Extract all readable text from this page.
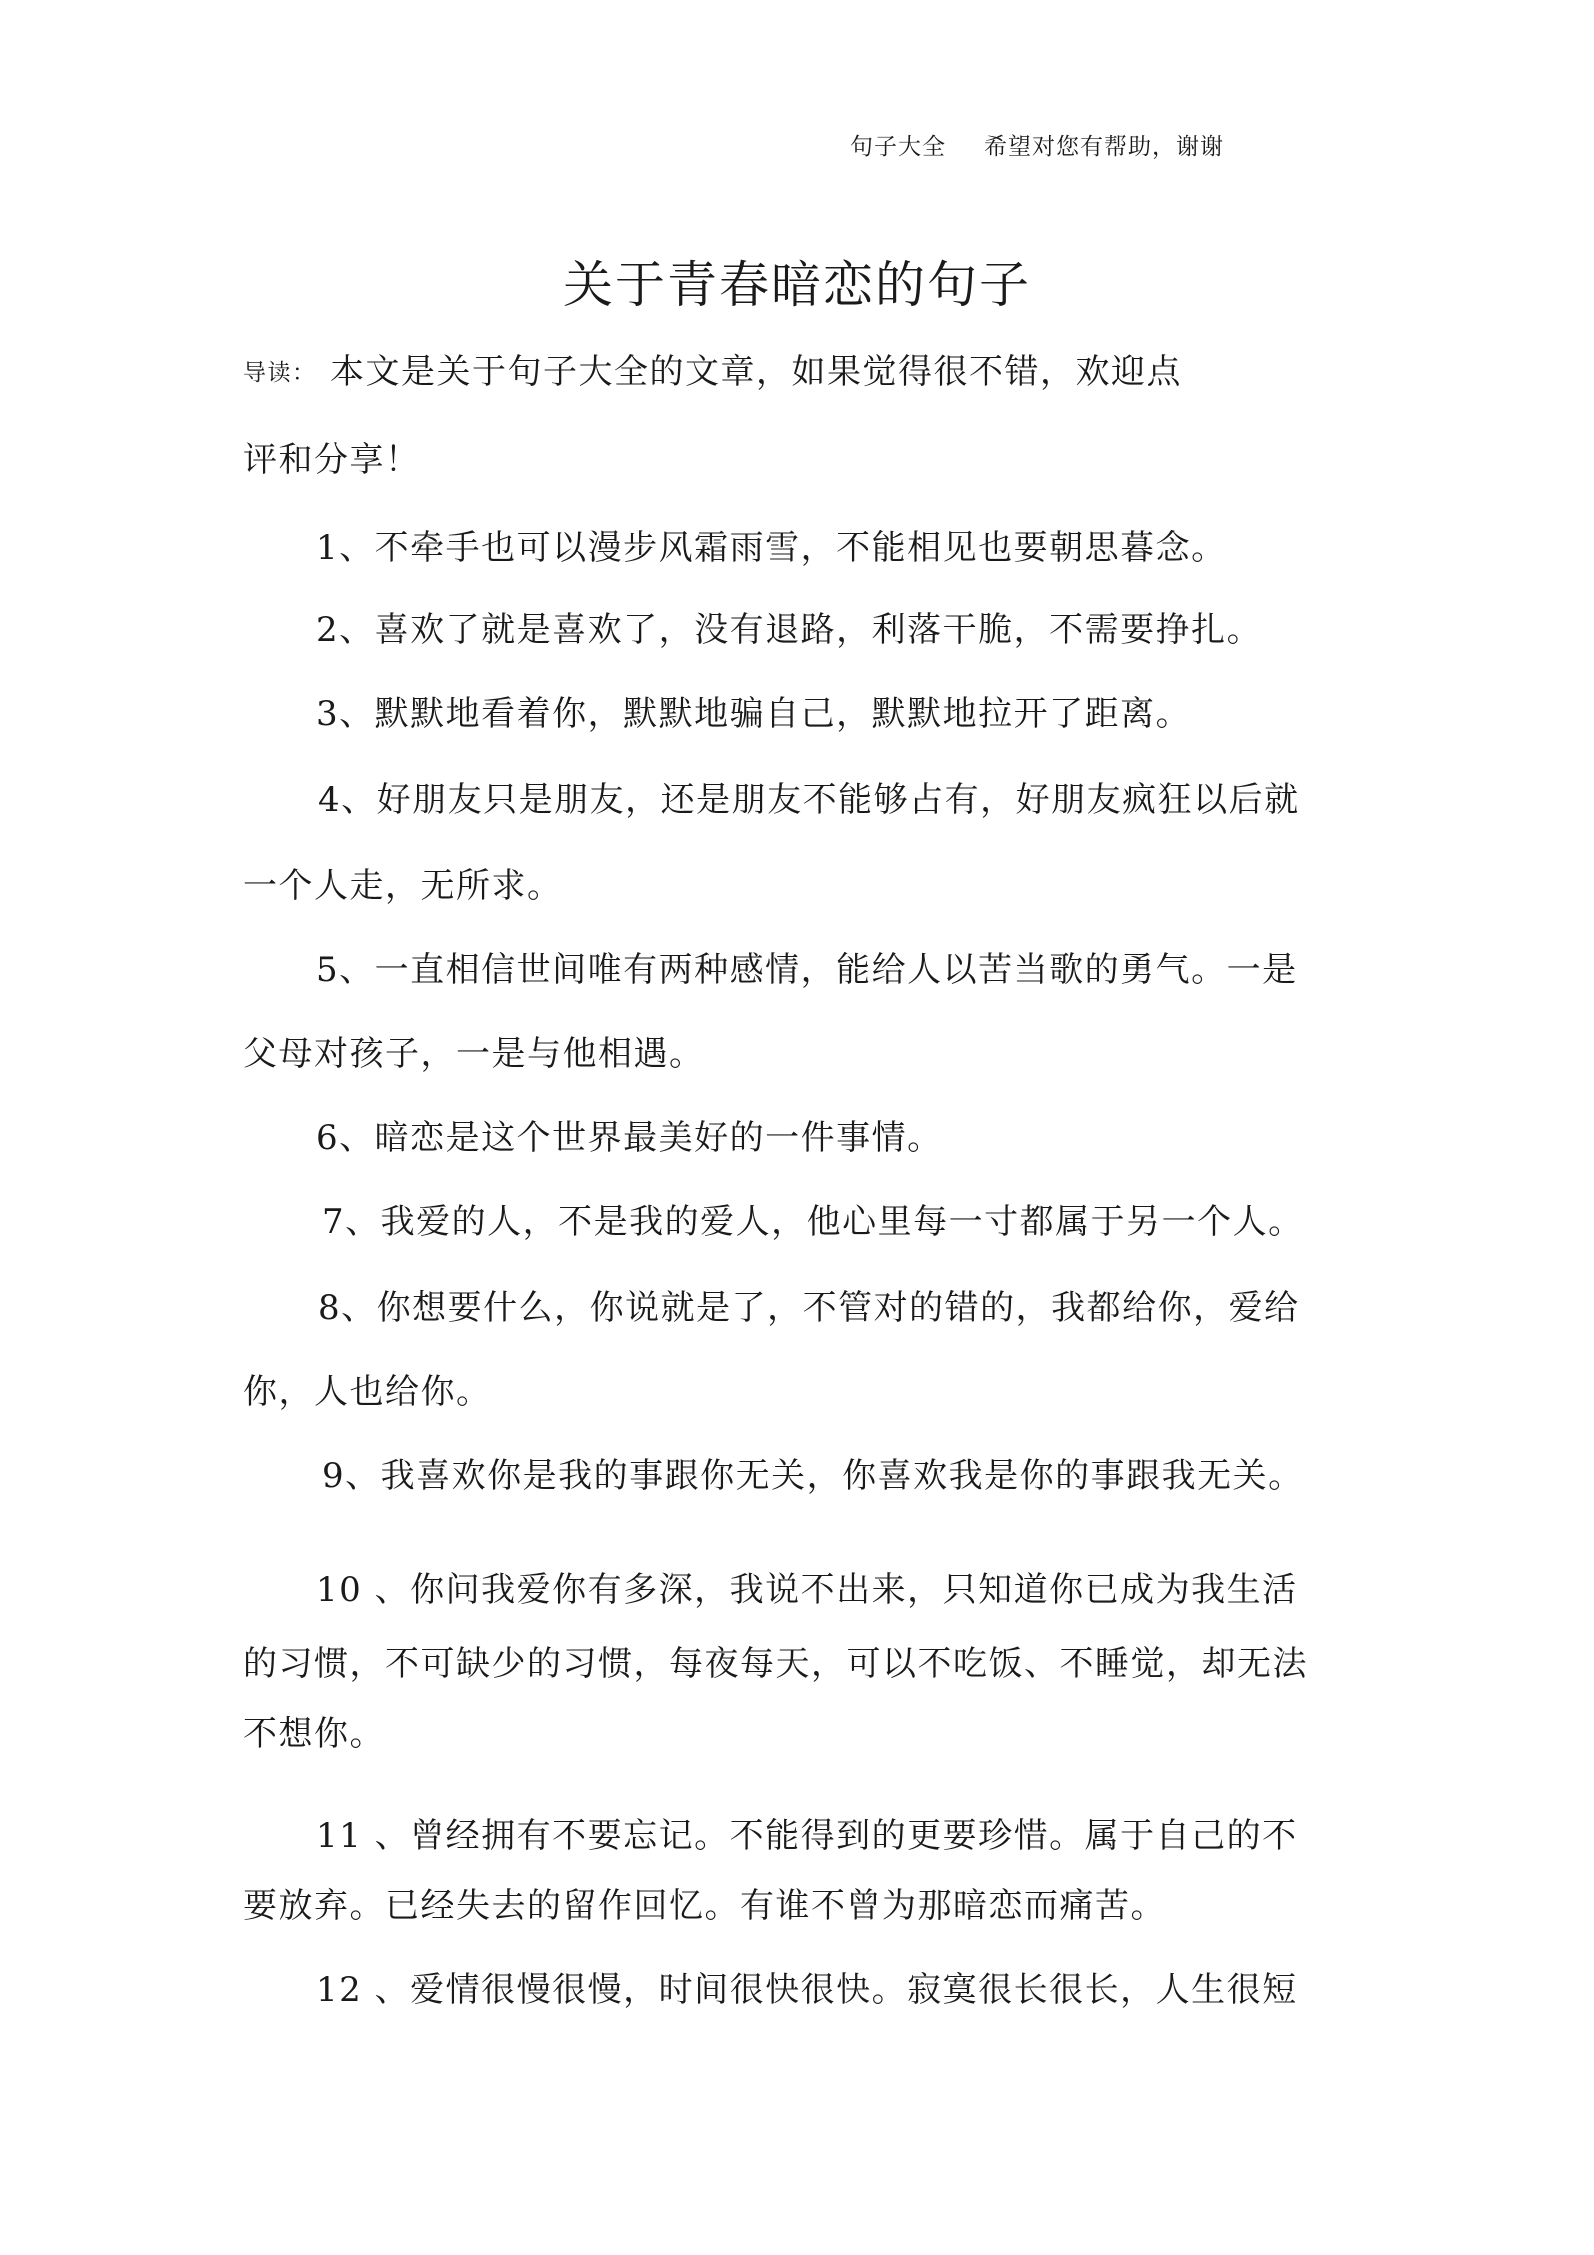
句子大全 希望对您有帮助，谢谢
关于青春暗恋的句子
导读： 本文是关于句子大全的文章，如果觉得很不错，欢迎点
评和分享！
1、不牵手也可以漫步风霜雨雪，不能相见也要朝思暮念。
2、喜欢了就是喜欢了，没有退路，利落干脆，不需要挣扎。
3、默默地看着你，默默地骗自己，默默地拉开了距离。
4、好朋友只是朋友，还是朋友不能够占有，好朋友疯狂以后就
一个人走，无所求。
5、一直相信世间唯有两种感情，能给人以苦当歌的勇气。一是
父母对孩子，一是与他相遇。
6、暗恋是这个世界最美好的一件事情。
7、我爱的人，不是我的爱人，他心里每一寸都属于另一个人。
8、你想要什么，你说就是了，不管对的错的，我都给你，爱给
你，人也给你。
9、我喜欢你是我的事跟你无关，你喜欢我是你的事跟我无关。
10 、你问我爱你有多深，我说不出来，只知道你已成为我生活
的习惯，不可缺少的习惯，每夜每天，可以不吃饭、不睡觉，却无法
不想你。
11 、曾经拥有不要忘记。不能得到的更要珍惜。属于自己的不
要放弃。已经失去的留作回忆。有谁不曾为那暗恋而痛苦。
12 、爱情很慢很慢，时间很快很快。寂寞很长很长，人生很短
